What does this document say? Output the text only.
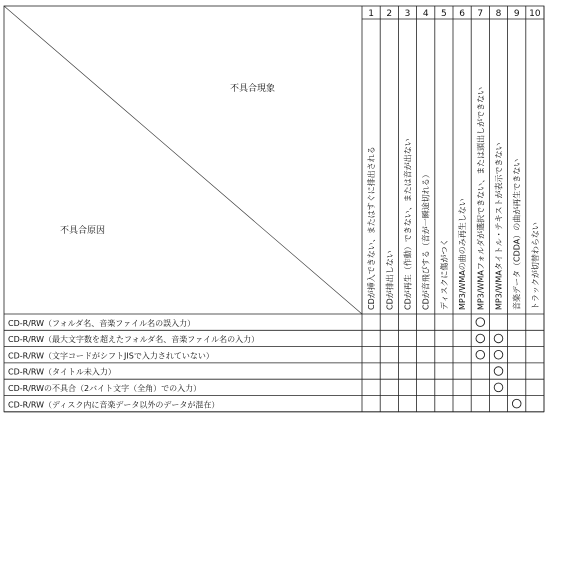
不具合現象
不具合原因
1
CDが挿入できない、またはすぐに排出される
2
CDが排出しない
3
CDが再生（作動）できない、または音が出ない
4
CDが音飛びする（音が一瞬途切れる）
5
ディスクに傷がつく
6
MP3/WMAの曲のみ再生しない
7
MP3/WMAフォルダが選択できない、または頭出しができない
8
MP3/WMAタイトル・テキストが表示できない
9
音楽データ（CDDA）の曲が再生できない
10
トラックが切替わらない
CD-R/RW（フォルダ名、音楽ファイル名の誤入力）
CD-R/RW（最大文字数を超えたフォルダ名、音楽ファイル名の入力）
CD-R/RW（文字コードがシフトJISで入力されていない）
CD-R/RW（タイトル未入力）
CD-R/RWの不具合（2バイト文字（全角）での入力）
CD-R/RW（ディスク内に音楽データ以外のデータが混在）
